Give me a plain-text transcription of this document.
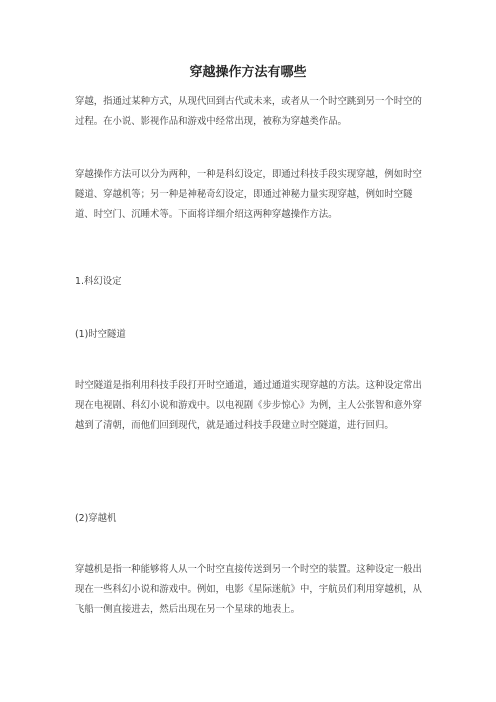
穿越操作方法有哪些
穿越，指通过某种方式，从现代回到古代或未来，或者从一个时空跳到另一个时空的过程。在小说、影视作品和游戏中经常出现，被称为穿越类作品。
穿越操作方法可以分为两种，一种是科幻设定，即通过科技手段实现穿越，例如时空隧道、穿越机等；另一种是神秘奇幻设定，即通过神秘力量实现穿越，例如时空隧道、时空门、沉睡术等。下面将详细介绍这两种穿越操作方法。
1.科幻设定
(1)时空隧道
时空隧道是指利用科技手段打开时空通道，通过通道实现穿越的方法。这种设定常出现在电视剧、科幻小说和游戏中。以电视剧《步步惊心》为例，主人公张智和意外穿越到了清朝，而他们回到现代，就是通过科技手段建立时空隧道，进行回归。
(2)穿越机
穿越机是指一种能够将人从一个时空直接传送到另一个时空的装置。这种设定一般出现在一些科幻小说和游戏中。例如，电影《星际迷航》中，宇航员们利用穿越机，从飞船一侧直接进去，然后出现在另一个星球的地表上。
